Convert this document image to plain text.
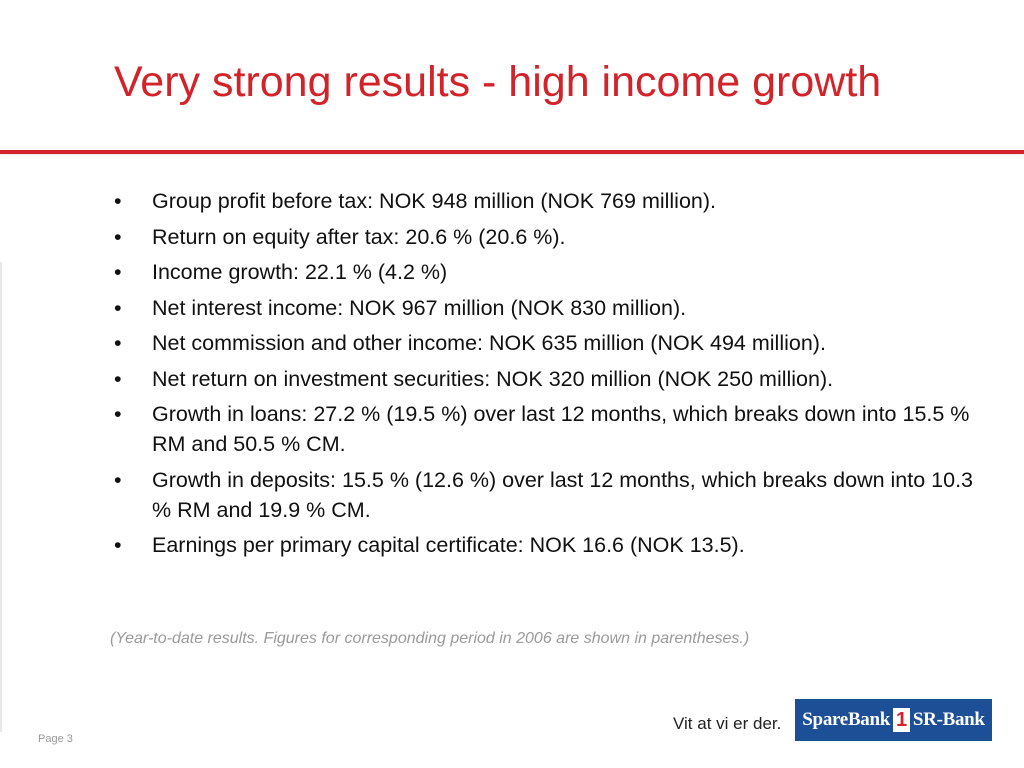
Very strong results - high income growth
• Group profit before tax: NOK 948 million (NOK 769 million).
• Return on equity after tax: 20.6 % (20.6 %).
• Income growth: 22.1 % (4.2 %)
• Net interest income: NOK 967 million (NOK 830 million).
• Net commission and other income: NOK 635 million (NOK 494 million).
• Net return on investment securities: NOK 320 million (NOK 250 million).
• Growth in loans: 27.2 % (19.5 %) over last 12 months, which breaks down into 15.5 % RM and 50.5 % CM.
• Growth in deposits: 15.5 % (12.6 %) over last 12 months, which breaks down into 10.3 % RM and 19.9 % CM.
• Earnings per primary capital certificate: NOK 16.6 (NOK 13.5).
(Year-to-date results. Figures for corresponding period in 2006 are shown in parentheses.)
Page 3
Vit at vi er der. SpareBank 1 SR-Bank
